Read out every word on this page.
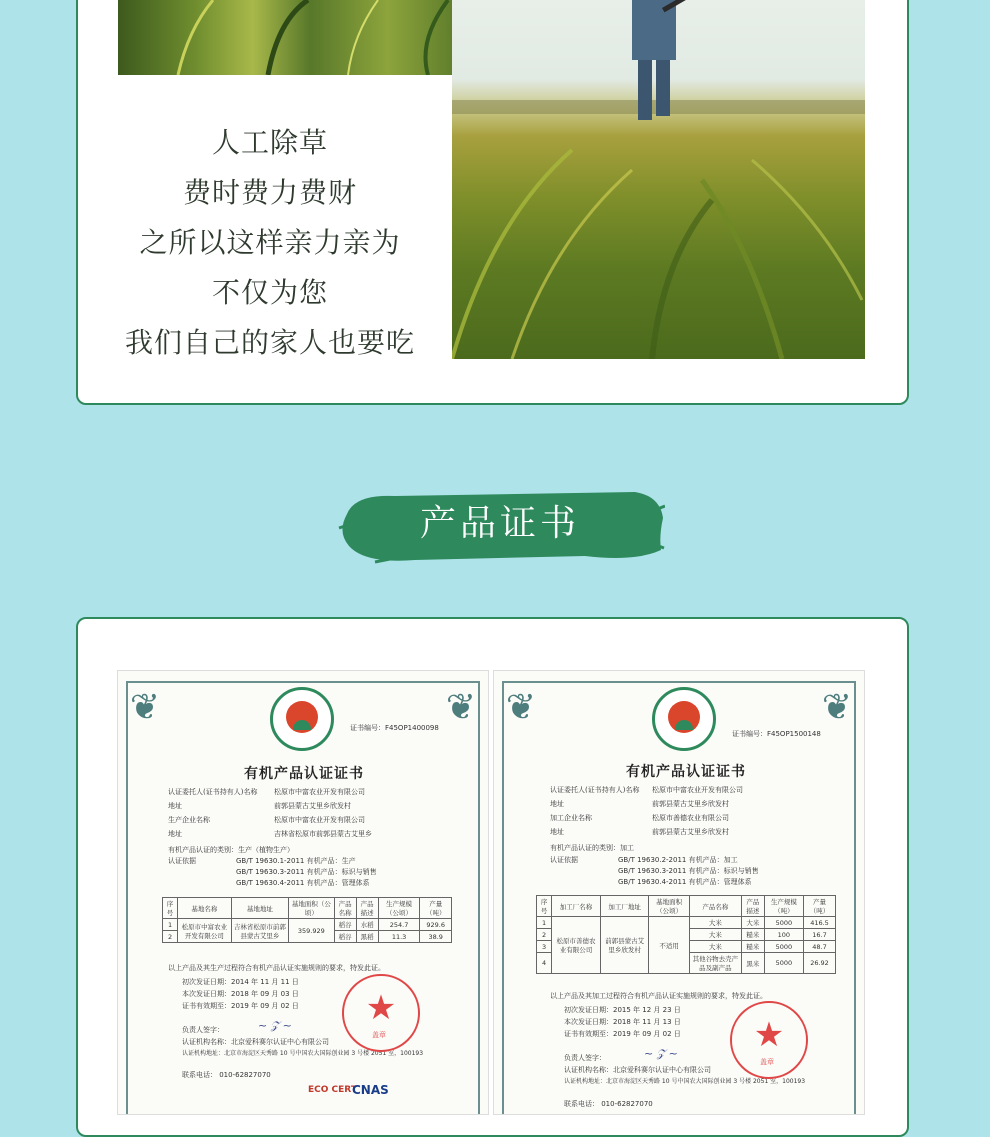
人工除草

费时费力费财

之所以这样亲力亲为

不仅为您

我们自己的家人也要吃

产品证书
❦	❦
证书编号：F45OP1400098
有机产品认证证书
认证委托人(证书持有人)名称 松原市中富农业开发有限公司
地址	前郭县蒙古艾里乡欣发村
生产企业名称	松原市中富农业开发有限公司
地址	吉林省松原市前郭县蒙古艾里乡
有机产品认证的类别：生产（植物生产）
认证依据	GB/T 19630.1-2011 有机产品：生产
GB/T 19630.3-2011 有机产品：标识与销售
GB/T 19630.4-2011 有机产品：管理体系
序号	基地名称	基地地址	基地面积（公顷）	产品名称	产品描述	生产规模（公顷）	产量（吨）
1	松原市中富农业开发有限公司	吉林省松原市前郭县蒙古艾里乡	359.929	稻谷	水稻	254.7	929.6
2				稻谷	黑稻	11.3	38.9
以上产品及其生产过程符合有机产品认证实施规则的要求，特发此证。
初次发证日期：2014 年 11 月 11 日
本次发证日期：2018 年 09 月 03 日
证书有效期至：2019 年 09 月 02 日
负责人签字：	~ 𝒵 ~
认证机构名称：北京爱科赛尔认证中心有限公司
认证机构地址：北京市海淀区天秀路 10 号中国农大国际创业园 3 号楼 2051 室，100193
联系电话： 010-62827070
★
盖章
ECO CERT
CNAS
❦	❦
证书编号：F45OP1500148
有机产品认证证书
认证委托人(证书持有人)名称 松原市中富农业开发有限公司
地址	前郭县蒙古艾里乡欣发村
加工企业名称	松原市善德农业有限公司
地址	前郭县蒙古艾里乡欣发村
有机产品认证的类别：加工
认证依据	GB/T 19630.2-2011 有机产品：加工
GB/T 19630.3-2011 有机产品：标识与销售
GB/T 19630.4-2011 有机产品：管理体系
序号	加工厂名称	加工厂地址	基地面积（公顷）	产品名称	产品描述	生产规模（吨）	产量（吨）
1	松原市善德农业有限公司	前郭县蒙古艾里乡欣发村	不适用	大米	大米	5000	416.5
2				大米	糙米	100	16.7
3				大米	糙米	5000	48.7
4				其他谷物去壳产品及副产品	黑米	5000	26.92
以上产品及其加工过程符合有机产品认证实施规则的要求，特发此证。
初次发证日期：2015 年 12 月 23 日
本次发证日期：2018 年 11 月 13 日
证书有效期至：2019 年 09 月 02 日
负责人签字：	~ 𝒵 ~
认证机构名称：北京爱科赛尔认证中心有限公司
认证机构地址：北京市海淀区天秀路 10 号中国农大国际创业园 3 号楼 2051 室，100193
联系电话： 010-62827070
★
盖章
